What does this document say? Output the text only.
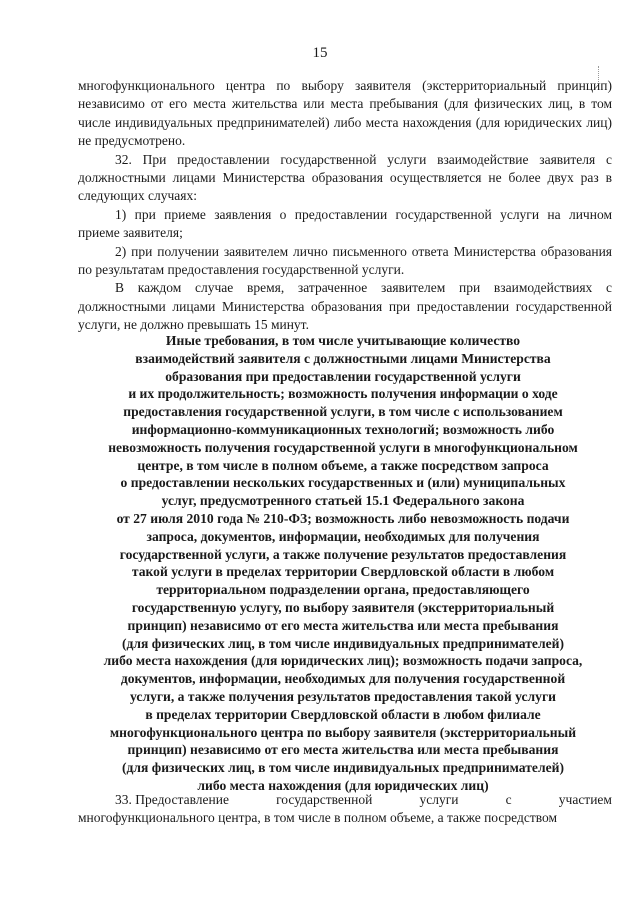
15

многофункционального центра по выбору заявителя (экстерриториальный принцип) независимо от его места жительства или места пребывания (для физических лиц, в том числе индивидуальных предпринимателей) либо места нахождения (для юридических лиц) не предусмотрено.

32. При предоставлении государственной услуги взаимодействие заявителя с должностными лицами Министерства образования осуществляется не более двух раз в следующих случаях:

1) при приеме заявления о предоставлении государственной услуги на личном приеме заявителя;

2) при получении заявителем лично письменного ответа Министерства образования по результатам предоставления государственной услуги.

В каждом случае время, затраченное заявителем при взаимодействиях с должностными лицами Министерства образования при предоставлении государственной услуги, не должно превышать 15 минут.

Иные требования, в том числе учитывающие количество
взаимодействий заявителя с должностными лицами Министерства
образования при предоставлении государственной услуги
и их продолжительность; возможность получения информации о ходе
предоставления государственной услуги, в том числе с использованием
информационно-коммуникационных технологий; возможность либо
невозможность получения государственной услуги в многофункциональном
центре, в том числе в полном объеме, а также посредством запроса
о предоставлении нескольких государственных и (или) муниципальных
услуг, предусмотренного статьей 15.1 Федерального закона
от 27 июля 2010 года № 210-ФЗ; возможность либо невозможность подачи
запроса, документов, информации, необходимых для получения
государственной услуги, а также получение результатов предоставления
такой услуги в пределах территории Свердловской области в любом
территориальном подразделении органа, предоставляющего
государственную услугу, по выбору заявителя (экстерриториальный
принцип) независимо от его места жительства или места пребывания
(для физических лиц, в том числе индивидуальных предпринимателей)
либо места нахождения (для юридических лиц); возможность подачи запроса,
документов, информации, необходимых для получения государственной
услуги, а также получения результатов предоставления такой услуги
в пределах территории Свердловской области в любом филиале
многофункционального центра по выбору заявителя (экстерриториальный
принцип) независимо от его места жительства или места пребывания
(для физических лиц, в том числе индивидуальных предпринимателей)
либо места нахождения (для юридических лиц)
33. Предоставление	государственной	услуги	с	участием
многофункционального центра, в том числе в полном объеме, а также посредством
